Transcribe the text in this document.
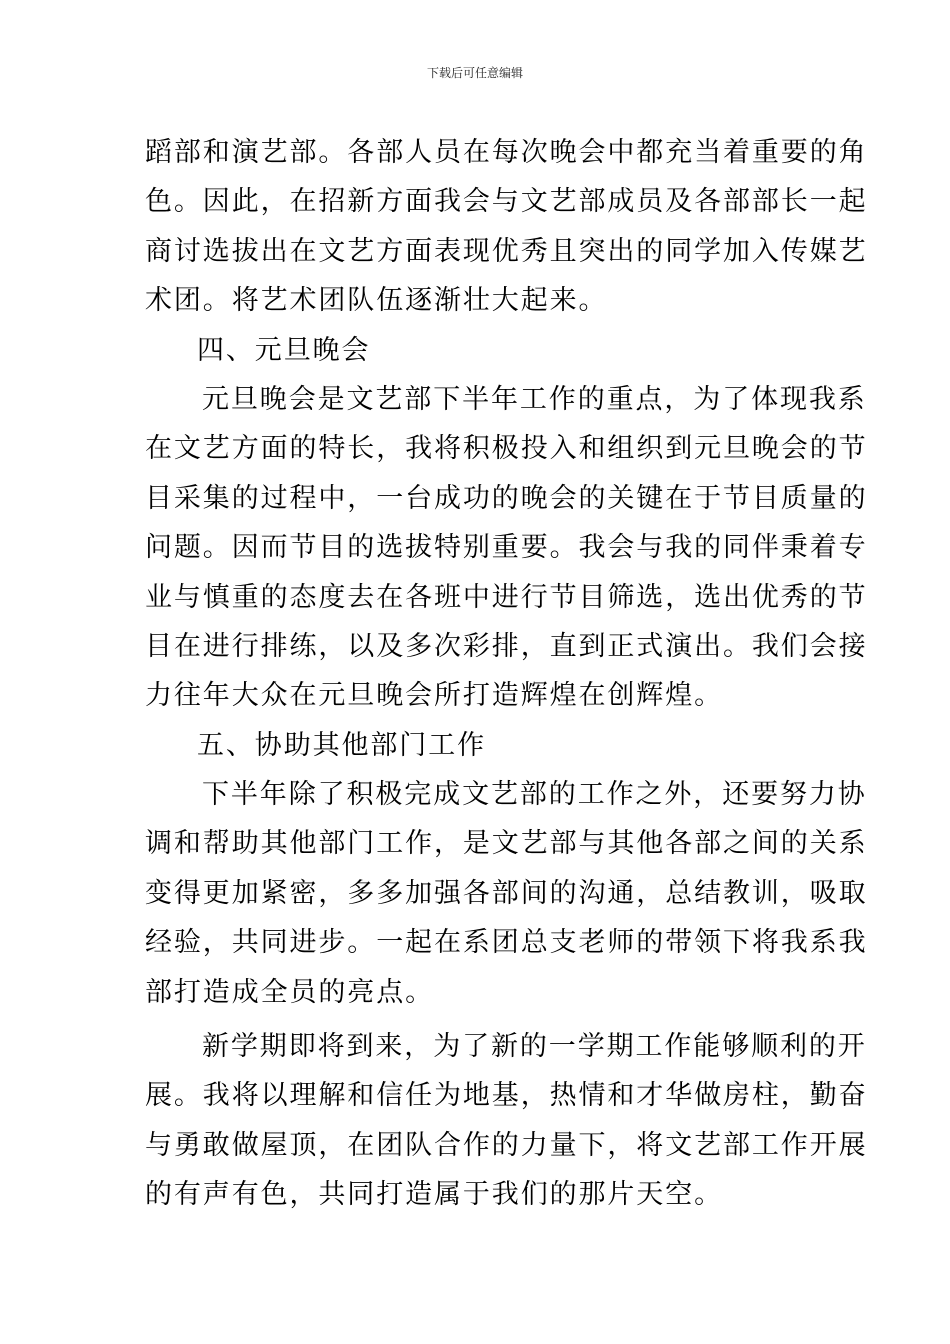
下载后可任意编辑
蹈部和演艺部。各部人员在每次晚会中都充当着重要的角
色。因此，在招新方面我会与文艺部成员及各部部长一起
商讨选拔出在文艺方面表现优秀且突出的同学加入传媒艺
术团。将艺术团队伍逐渐壮大起来。
四、元旦晚会
元旦晚会是文艺部下半年工作的重点，为了体现我系
在文艺方面的特长，我将积极投入和组织到元旦晚会的节
目采集的过程中，一台成功的晚会的关键在于节目质量的
问题。因而节目的选拔特别重要。我会与我的同伴秉着专
业与慎重的态度去在各班中进行节目筛选，选出优秀的节
目在进行排练，以及多次彩排，直到正式演出。我们会接
力往年大众在元旦晚会所打造辉煌在创辉煌。
五、协助其他部门工作
下半年除了积极完成文艺部的工作之外，还要努力协
调和帮助其他部门工作，是文艺部与其他各部之间的关系
变得更加紧密，多多加强各部间的沟通，总结教训，吸取
经验，共同进步。一起在系团总支老师的带领下将我系我
部打造成全员的亮点。
新学期即将到来，为了新的一学期工作能够顺利的开
展。我将以理解和信任为地基，热情和才华做房柱，勤奋
与勇敢做屋顶，在团队合作的力量下，将文艺部工作开展
的有声有色，共同打造属于我们的那片天空。
